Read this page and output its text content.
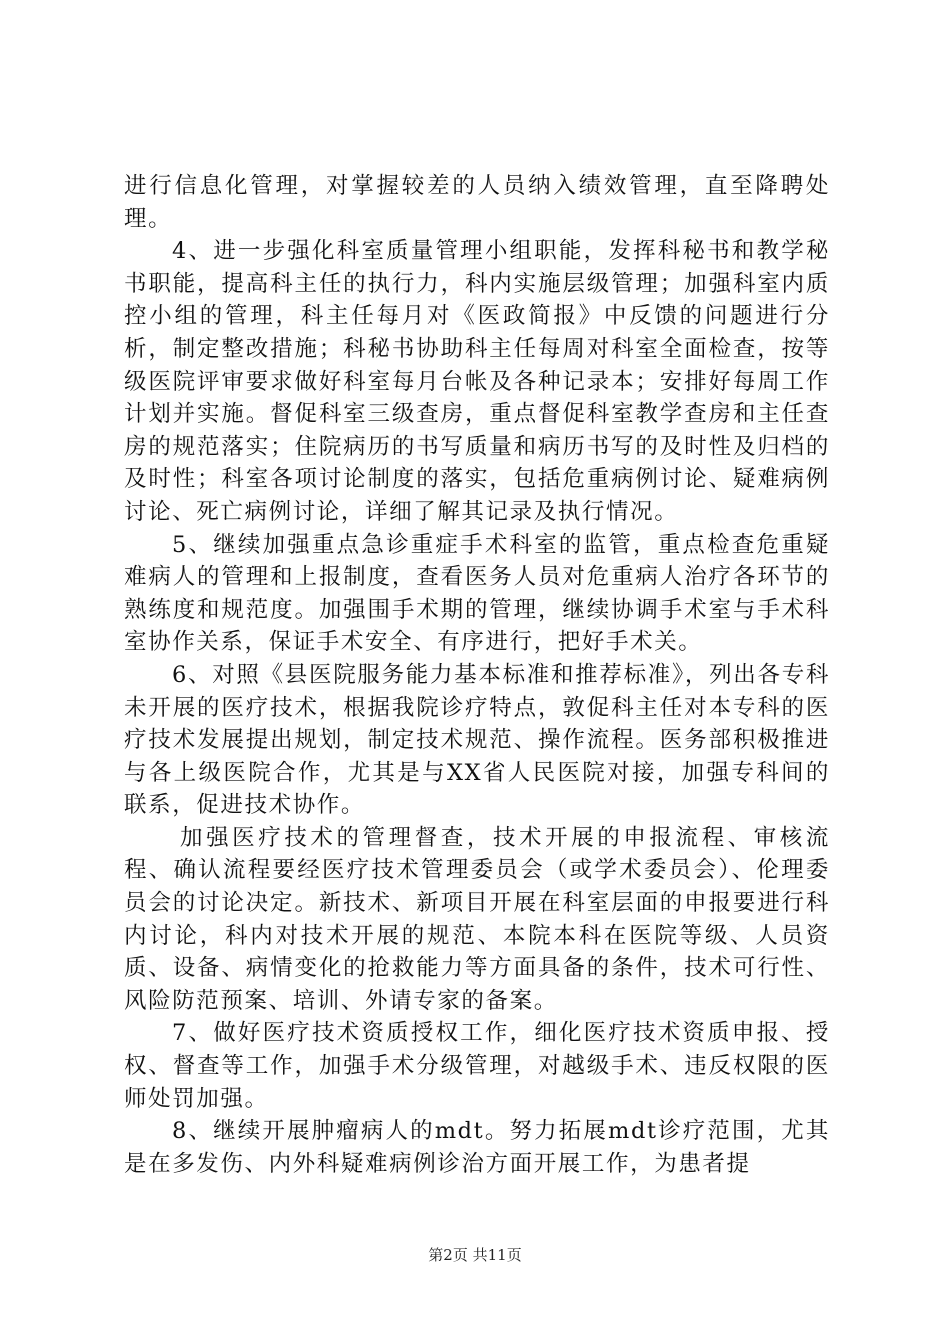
进行信息化管理，对掌握较差的人员纳入绩效管理，直至降聘处理。

4、进一步强化科室质量管理小组职能，发挥科秘书和教学秘书职能，提高科主任的执行力，科内实施层级管理；加强科室内质控小组的管理，科主任每月对《医政简报》中反馈的问题进行分析，制定整改措施；科秘书协助科主任每周对科室全面检查，按等级医院评审要求做好科室每月台帐及各种记录本；安排好每周工作计划并实施。督促科室三级查房，重点督促科室教学查房和主任查房的规范落实；住院病历的书写质量和病历书写的及时性及归档的及时性；科室各项讨论制度的落实，包括危重病例讨论、疑难病例讨论、死亡病例讨论，详细了解其记录及执行情况。

5、继续加强重点急诊重症手术科室的监管，重点检查危重疑难病人的管理和上报制度，查看医务人员对危重病人治疗各环节的熟练度和规范度。加强围手术期的管理，继续协调手术室与手术科室协作关系，保证手术安全、有序进行，把好手术关。

6、对照《县医院服务能力基本标准和推荐标准》，列出各专科未开展的医疗技术，根据我院诊疗特点，敦促科主任对本专科的医疗技术发展提出规划，制定技术规范、操作流程。医务部积极推进与各上级医院合作，尤其是与XX省人民医院对接，加强专科间的联系，促进技术协作。

加强医疗技术的管理督查，技术开展的申报流程、审核流程、确认流程要经医疗技术管理委员会（或学术委员会）、伦理委员会的讨论决定。新技术、新项目开展在科室层面的申报要进行科内讨论，科内对技术开展的规范、本院本科在医院等级、人员资质、设备、病情变化的抢救能力等方面具备的条件，技术可行性、风险防范预案、培训、外请专家的备案。

7、做好医疗技术资质授权工作，细化医疗技术资质申报、授权、督查等工作，加强手术分级管理，对越级手术、违反权限的医师处罚加强。

8、继续开展肿瘤病人的mdt。努力拓展mdt诊疗范围，尤其是在多发伤、内外科疑难病例诊治方面开展工作，为患者提

第2页 共11页
